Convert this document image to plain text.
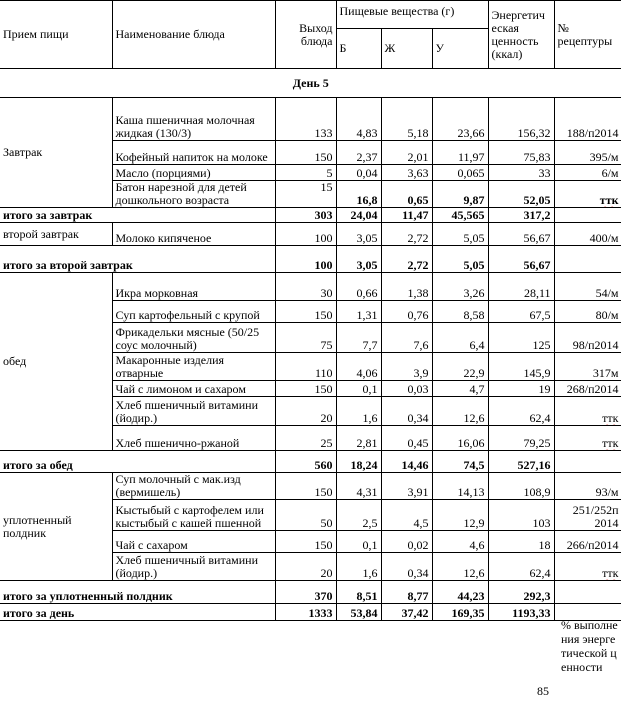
Прием пищи	Наименование блюда	Выход блюда	Пищевые вещества (г)			Энергетич еская ценность (ккал)	№ рецептуры
			Б	Ж	У		
День 5							
Завтрак	Каша пшеничная молочная жидкая (130/3)	133	4,83	5,18	23,66	156,32	188/п2014
	Кофейный напиток на молоке	150	2,37	2,01	11,97	75,83	395/м
	Масло (порциями)	5	0,04	3,63	0,065	33	6/м
	Батон нарезной для детей дошкольного возраста	15	16,8	0,65	9,87	52,05	ттк
итого за завтрак		303	24,04	11,47	45,565	317,2	
второй завтрак	Молоко кипяченое	100	3,05	2,72	5,05	56,67	400/м
итого за второй завтрак		100	3,05	2,72	5,05	56,67	
обед	Икра морковная	30	0,66	1,38	3,26	28,11	54/м
	Суп картофельный с крупой	150	1,31	0,76	8,58	67,5	80/м
	Фрикадельки мясные (50/25 соус молочный)	75	7,7	7,6	6,4	125	98/п2014
	Макаронные изделия отварные	110	4,06	3,9	22,9	145,9	317м
	Чай с лимоном и сахаром	150	0,1	0,03	4,7	19	268/п2014
	Хлеб пшеничный витамини (йодир.)	20	1,6	0,34	12,6	62,4	ттк
	Хлеб пшенично-ржаной	25	2,81	0,45	16,06	79,25	ттк
итого за обед		560	18,24	14,46	74,5	527,16	
уплотненный полдник	Суп молочный с мак.изд (вермишель)	150	4,31	3,91	14,13	108,9	93/м
	Кыстыбый с картофелем или кыстыбый с кашей пшенной	50	2,5	4,5	12,9	103	251/252п 2014
	Чай с сахаром	150	0,1	0,02	4,6	18	266/п2014
	Хлеб пшеничный витамини (йодир.)	20	1,6	0,34	12,6	62,4	ттк
итого за уплотненный полдник		370	8,51	8,77	44,23	292,3	
итого за день		1333	53,84	37,42	169,35	1193,33	
85
% выполнения энергетической ценности
